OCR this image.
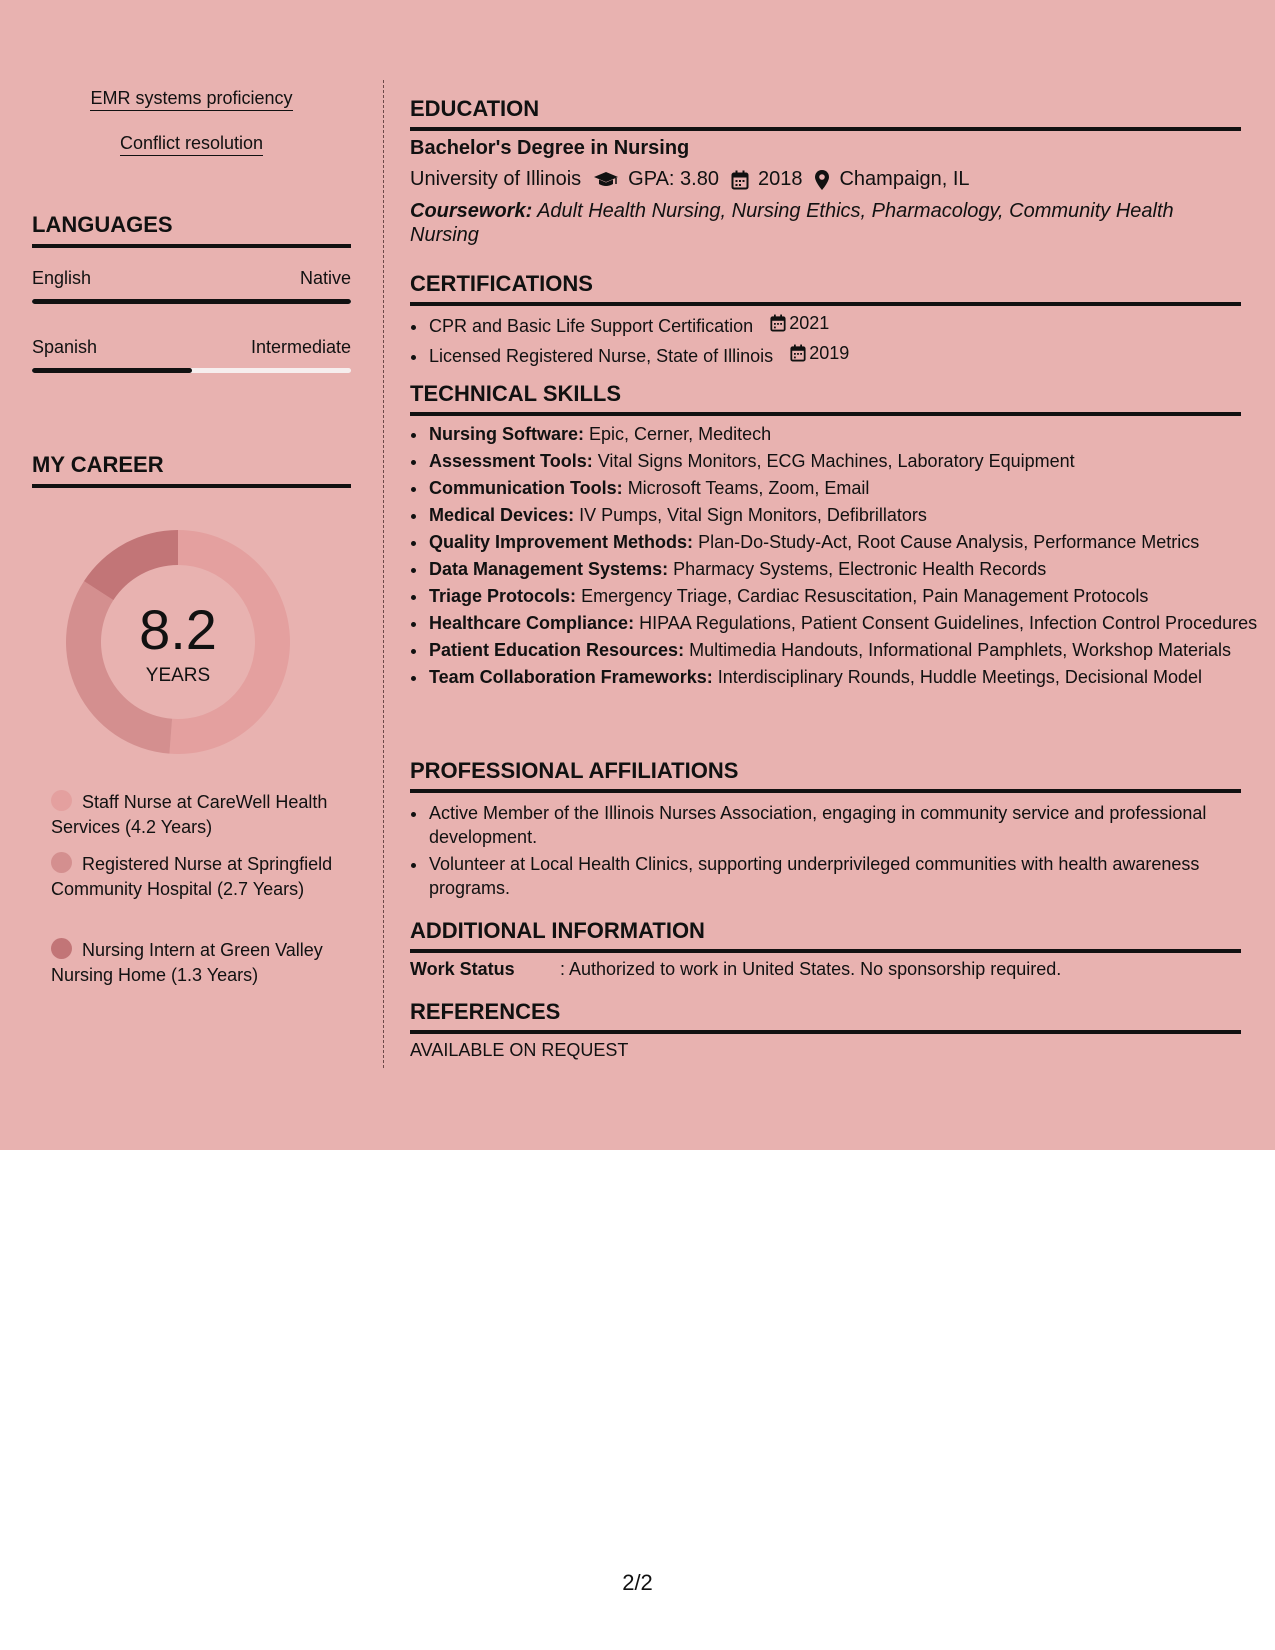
EMR systems proficiency
Conflict resolution
LANGUAGES
English	Native
Spanish	Intermediate
MY CAREER
8.2
YEARS
Staff Nurse at CareWell Health Services (4.2 Years)
Registered Nurse at Springfield Community Hospital (2.7 Years)
Nursing Intern at Green Valley Nursing Home (1.3 Years)
EDUCATION
Bachelor's Degree in Nursing
University of Illinois GPA: 3.80 2018 Champaign, IL
Coursework: Adult Health Nursing, Nursing Ethics, Pharmacology, Community Health Nursing
CERTIFICATIONS
• CPR and Basic Life Support Certification 2021
• Licensed Registered Nurse, State of Illinois 2019
TECHNICAL SKILLS
• Nursing Software: Epic, Cerner, Meditech
• Assessment Tools: Vital Signs Monitors, ECG Machines, Laboratory Equipment
• Communication Tools: Microsoft Teams, Zoom, Email
• Medical Devices: IV Pumps, Vital Sign Monitors, Defibrillators
• Quality Improvement Methods: Plan-Do-Study-Act, Root Cause Analysis, Performance Metrics
• Data Management Systems: Pharmacy Systems, Electronic Health Records
• Triage Protocols: Emergency Triage, Cardiac Resuscitation, Pain Management Protocols
• Healthcare Compliance: HIPAA Regulations, Patient Consent Guidelines, Infection Control Procedures
• Patient Education Resources: Multimedia Handouts, Informational Pamphlets, Workshop Materials
• Team Collaboration Frameworks: Interdisciplinary Rounds, Huddle Meetings, Decisional Model
PROFESSIONAL AFFILIATIONS
• Active Member of the Illinois Nurses Association, engaging in community service and professional development.
• Volunteer at Local Health Clinics, supporting underprivileged communities with health awareness programs.
ADDITIONAL INFORMATION
Work Status	: Authorized to work in United States. No sponsorship required.
REFERENCES
AVAILABLE ON REQUEST
2/2
